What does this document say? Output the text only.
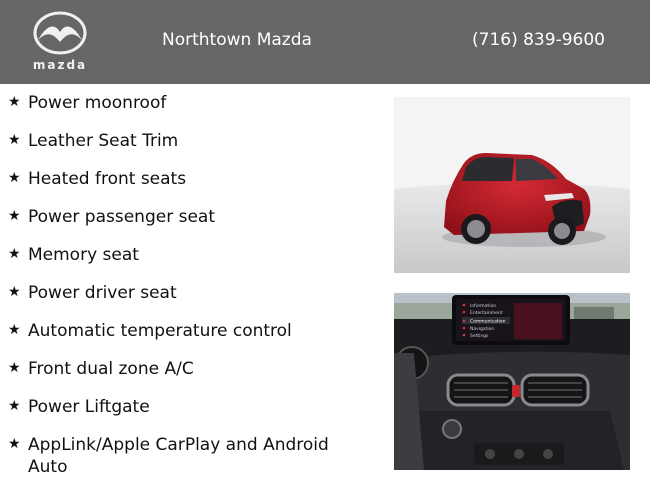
mazda
Northtown Mazda	(716) 839-9600
★ Power moonroof
★ Leather Seat Trim
★ Heated front seats
★ Power passenger seat
★ Memory seat
★ Power driver seat
★ Automatic temperature control
★ Front dual zone A/C
★ Power Liftgate
★ AppLink/Apple CarPlay and Android Auto
Information
Entertainment
Communication
Navigation
Settings
